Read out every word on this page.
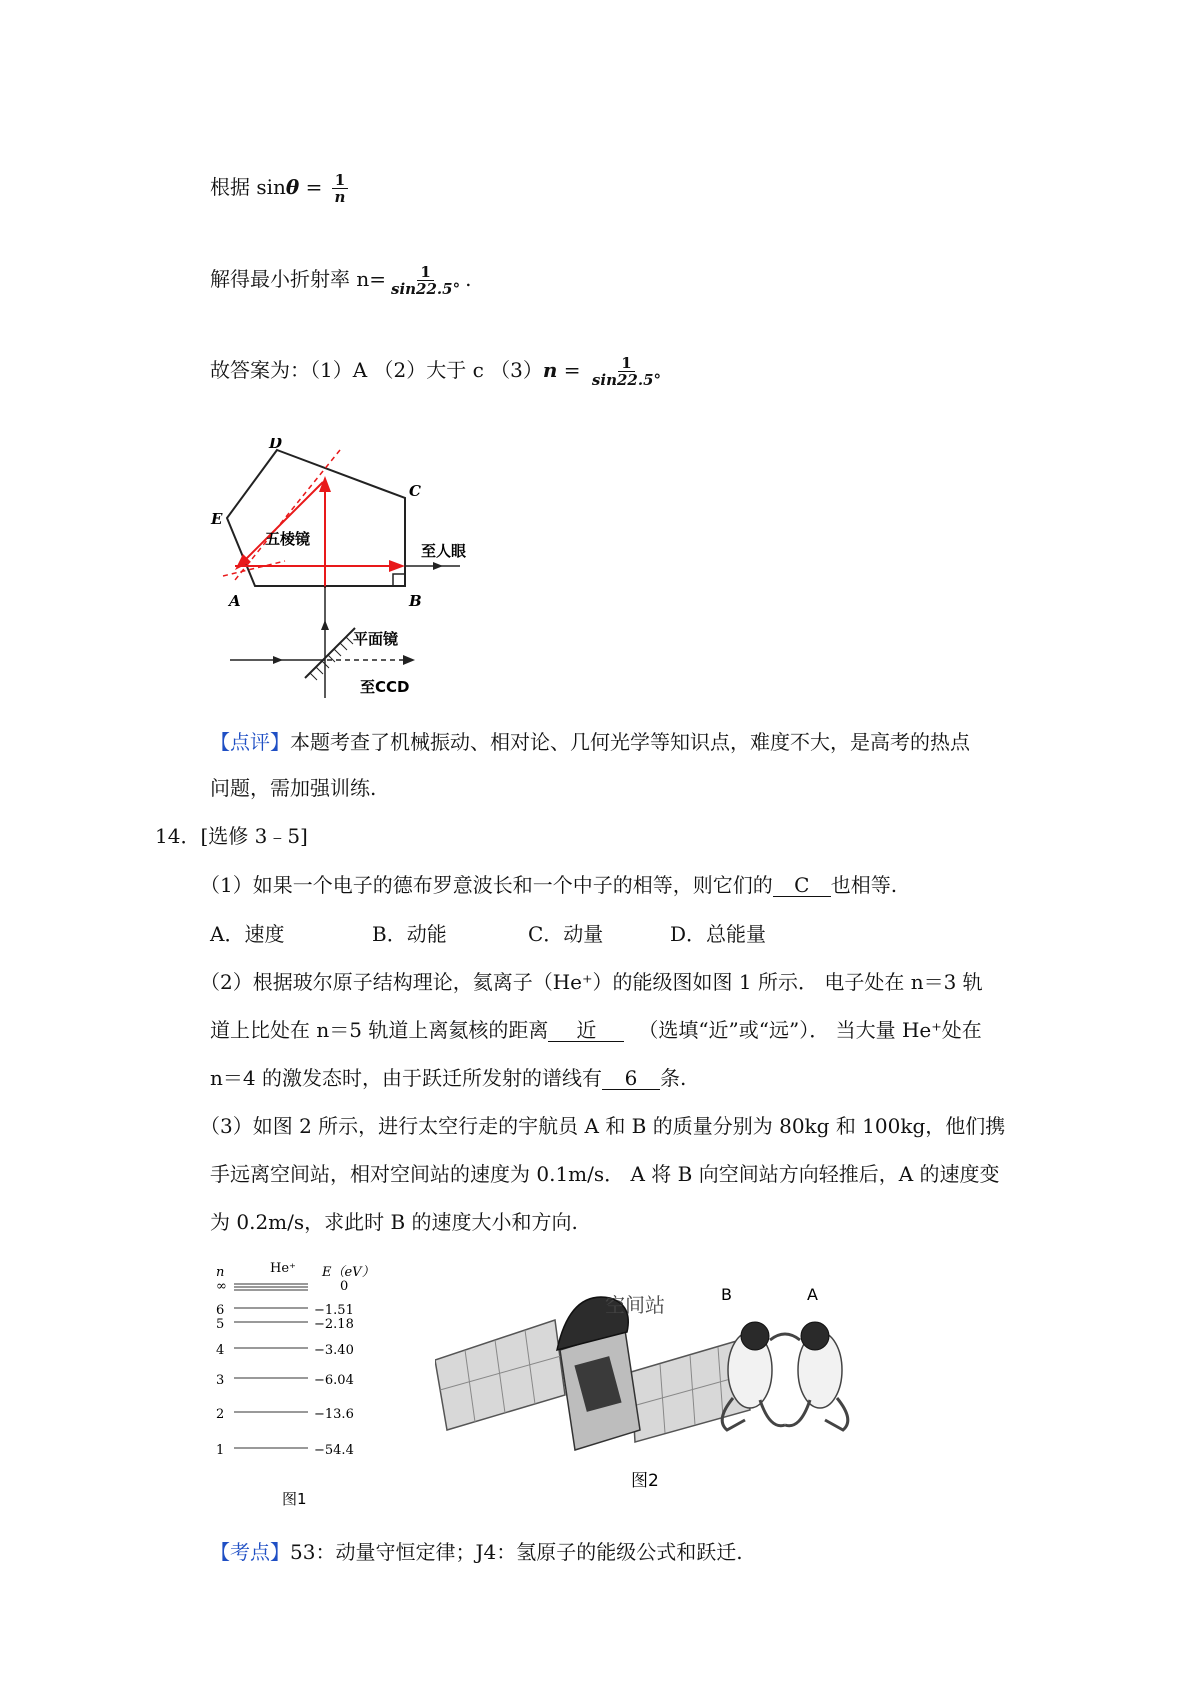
根据 $\sin\theta = \frac{1}{n}$
解得最小折射率 $n= \frac{1}{\sin 22.5^\circ}$ .
故答案为：（1）A （2）大于 c $(3)n = \frac{1}{\sin 22.5^\circ}$
D
C
E
A	B
五棱镜
至人眼
平面镜
至CCD
【点评】本题考查了机械振动、相对论、几何光学等知识点，难度不大，是高考的热点
问题，需加强训练.
14．[选修 3﹣5]
（1）如果一个电子的德布罗意波长和一个中子的相等，则它们的 C 也相等.
A．速度	B．动能	C．动量	D．总能量
（2）根据玻尔原子结构理论，氦离子（He⁺）的能级图如图 1 所示． 电子处在 n＝3 轨
道上比处在 n＝5 轨道上离氦核的距离 近 （选填“近”或“远”）． 当大量 He⁺处在
n＝4 的激发态时，由于跃迁所发射的谱线有 6 条.
（3）如图 2 所示，进行太空行走的宇航员 A 和 B 的质量分别为 80kg 和 100kg，他们携
手远离空间站，相对空间站的速度为 0.1m/s． A 将 B 向空间站方向轻推后，A 的速度变
为 0.2m/s，求此时 B 的速度大小和方向.
n	He⁺ E（eV）
∞	0
6	−1.51
5	−2.18
4	−3.40
3	−6.04
2	−13.6
1	−54.4
图1
空间站	B	A
图2
【考点】53：动量守恒定律；J4：氢原子的能级公式和跃迁.
